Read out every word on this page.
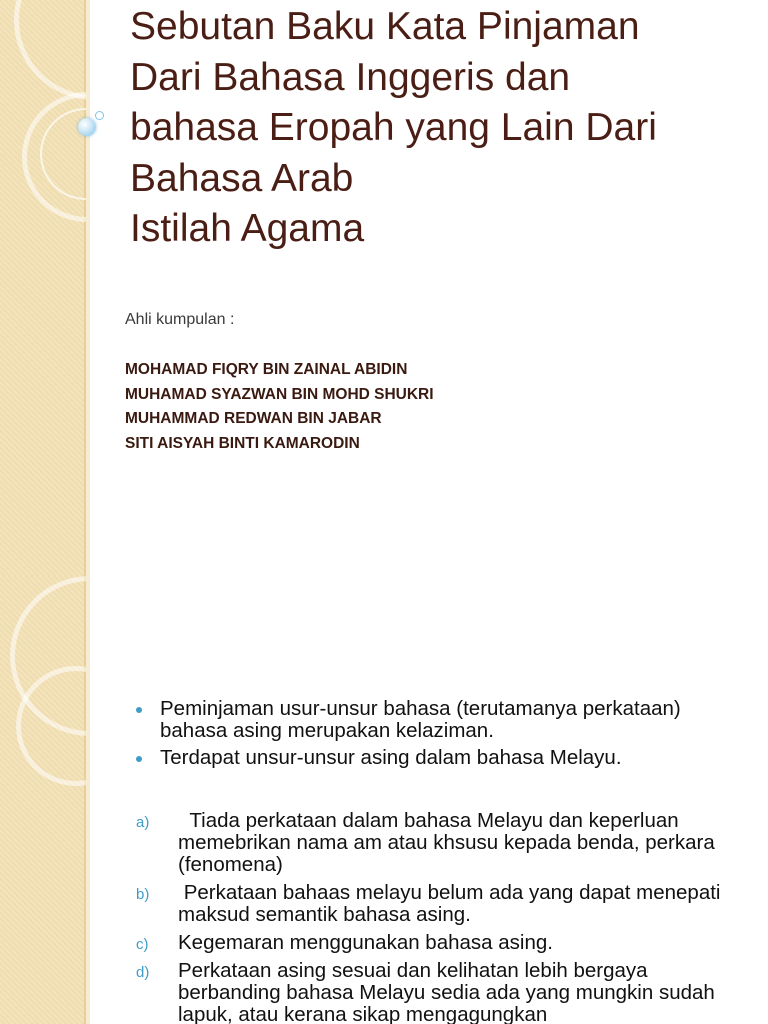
Sebutan Baku Kata Pinjaman
Dari Bahasa Inggeris dan
bahasa Eropah yang Lain Dari
Bahasa Arab
Istilah Agama

Ahli kumpulan :

MOHAMAD FIQRY BIN ZAINAL ABIDIN
MUHAMAD SYAZWAN BIN MOHD SHUKRI
MUHAMMAD REDWAN BIN JABAR
SITI AISYAH BINTI KAMARODIN
Peminjaman usur-unsur bahasa (terutamanya perkataan) bahasa asing merupakan kelaziman.
Terdapat unsur-unsur asing dalam bahasa Melayu.
a) Tiada perkataan dalam bahasa Melayu dan keperluan memebrikan nama am atau khsusu kepada benda, perkara (fenomena)
b) Perkataan bahaas melayu belum ada yang dapat menepati maksud semantik bahasa asing.
c) Kegemaran menggunakan bahasa asing.
d) Perkataan asing sesuai dan kelihatan lebih bergaya berbanding bahasa Melayu sedia ada yang mungkin sudah lapuk, atau kerana sikap mengagungkan
